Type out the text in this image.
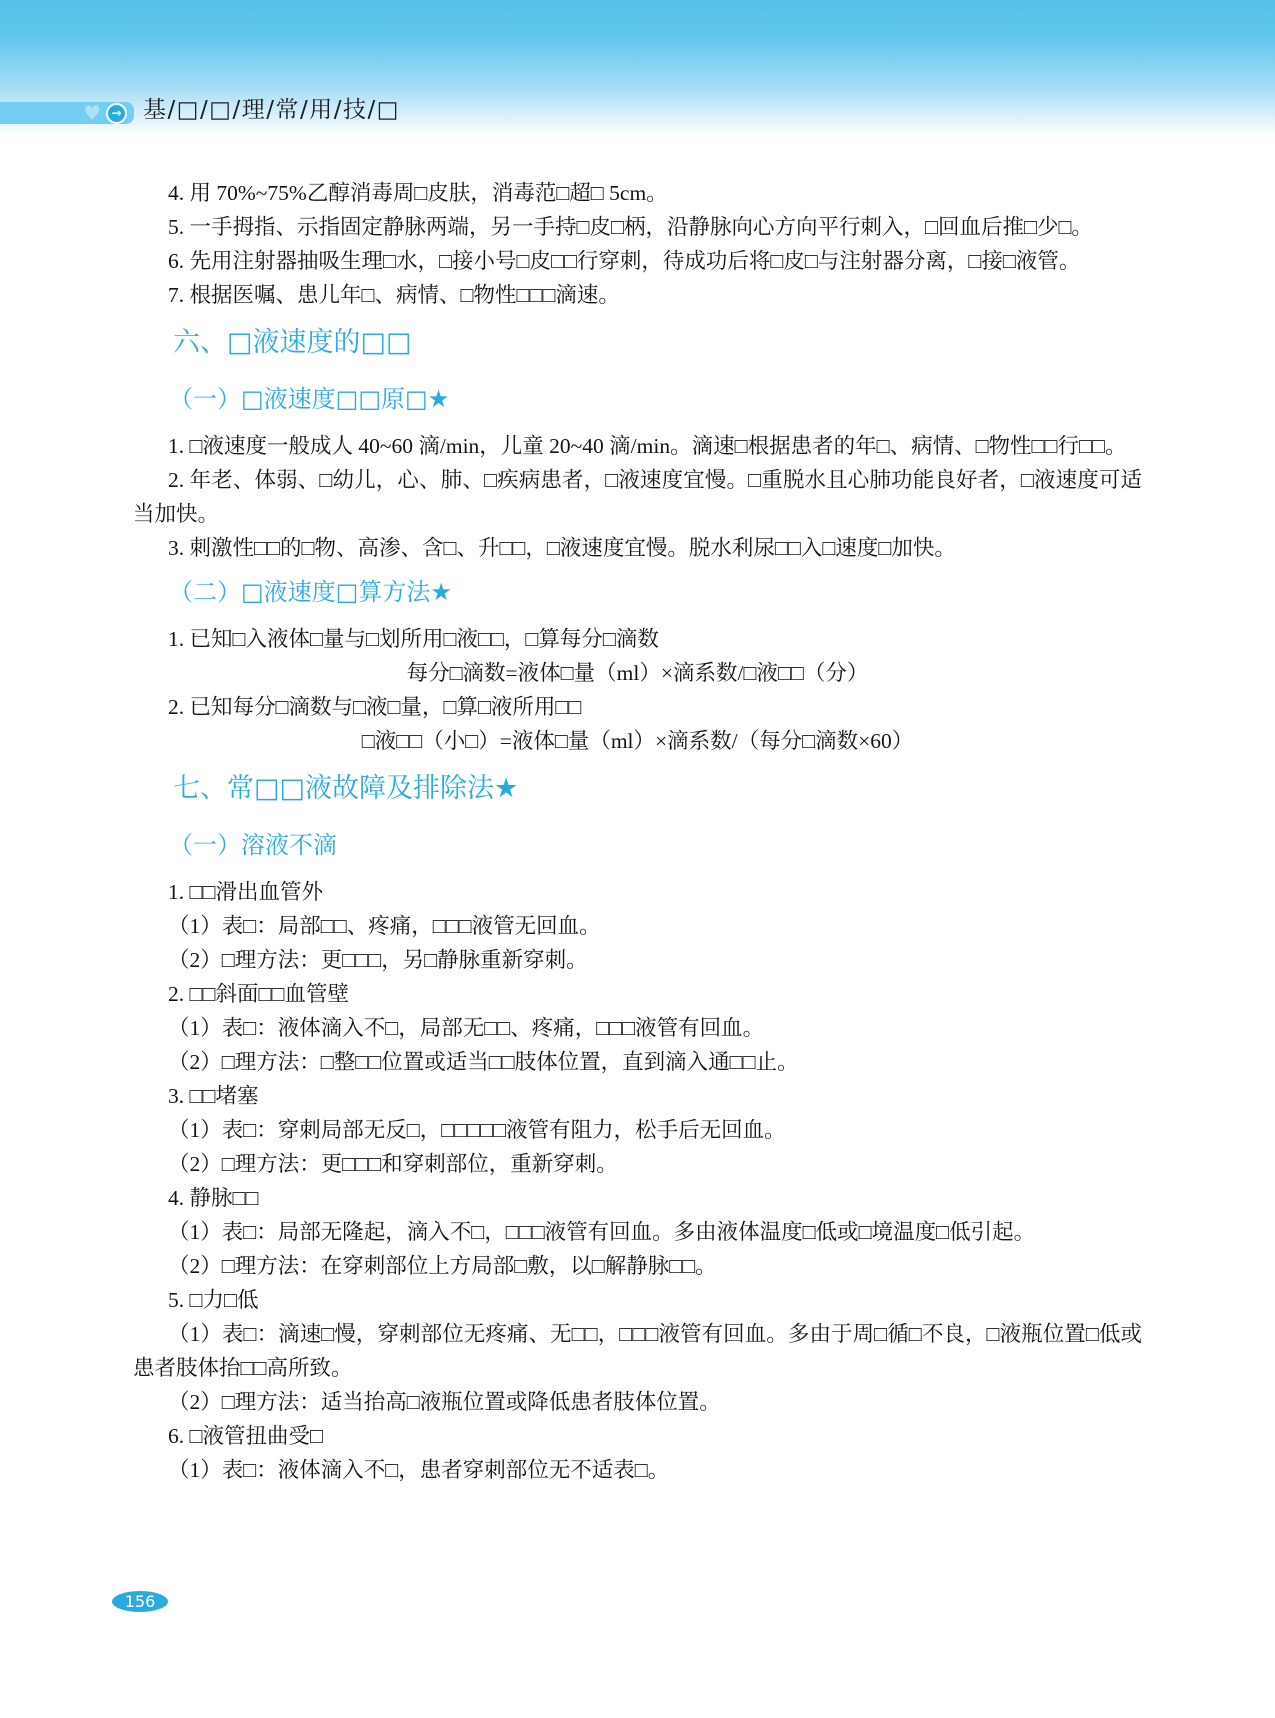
♥ → 基/□/□/理/常/用/技/□
4. 用 70%~75%乙醇消毒周□皮肤，消毒范□超□ 5cm。
5. 一手拇指、示指固定静脉两端，另一手持□皮□柄，沿静脉向心方向平行刺入，□回血后推□少□。
6. 先用注射器抽吸生理□水，□接小号□皮□□行穿刺，待成功后将□皮□与注射器分离，□接□液管。
7. 根据医嘱、患儿年□、病情、□物性□□□滴速。
六、□液速度的□□
（一）□液速度□□原□★
1. □液速度一般成人 40~60 滴/min，儿童 20~40 滴/min。滴速□根据患者的年□、病情、□物性□□行□□。
2. 年老、体弱、□幼儿，心、肺、□疾病患者，□液速度宜慢。□重脱水且心肺功能良好者，□液速度可适当加快。
3. 刺激性□□的□物、高渗、含□、升□□，□液速度宜慢。脱水利尿□□入□速度□加快。
（二）□液速度□算方法★
1. 已知□入液体□量与□划所用□液□□，□算每分□滴数
每分□滴数=液体□量（ml）×滴系数/□液□□（分）
2. 已知每分□滴数与□液□量，□算□液所用□□
□液□□（小□）=液体□量（ml）×滴系数/（每分□滴数×60）
七、常□□液故障及排除法★
（一）溶液不滴
1. □□滑出血管外
（1）表□：局部□□、疼痛，□□□液管无回血。
（2）□理方法：更□□□，另□静脉重新穿刺。
2. □□斜面□□血管壁
（1）表□：液体滴入不□，局部无□□、疼痛，□□□液管有回血。
（2）□理方法：□整□□位置或适当□□肢体位置，直到滴入通□□止。
3. □□堵塞
（1）表□：穿刺局部无反□，□□□□□液管有阻力，松手后无回血。
（2）□理方法：更□□□和穿刺部位，重新穿刺。
4. 静脉□□
（1）表□：局部无隆起，滴入不□，□□□液管有回血。多由液体温度□低或□境温度□低引起。
（2）□理方法：在穿刺部位上方局部□敷，以□解静脉□□。
5. □力□低
（1）表□：滴速□慢，穿刺部位无疼痛、无□□，□□□液管有回血。多由于周□循□不良，□液瓶位置□低或患者肢体抬□□高所致。
（2）□理方法：适当抬高□液瓶位置或降低患者肢体位置。
6. □液管扭曲受□
（1）表□：液体滴入不□，患者穿刺部位无不适表□。
156
